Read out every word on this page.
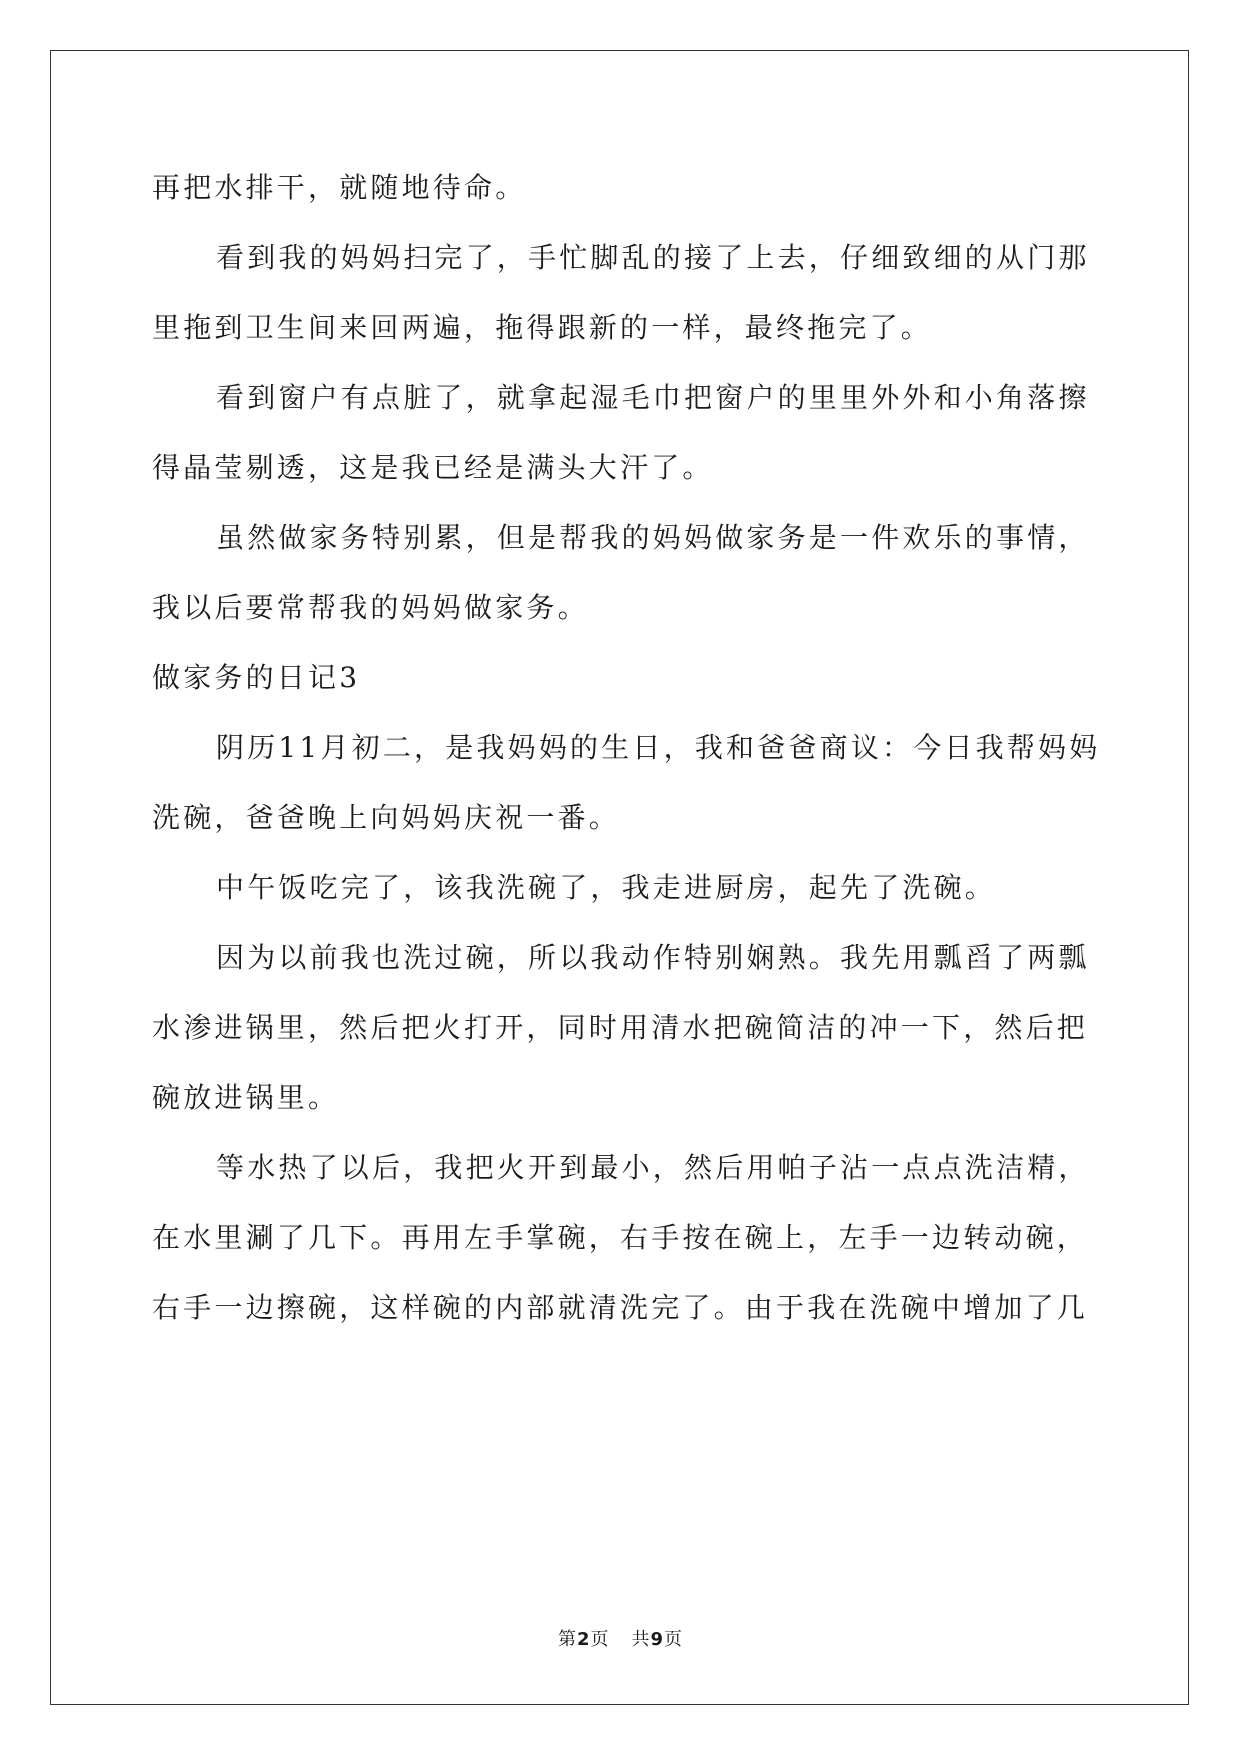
再把水排干，就随地待命。
看到我的妈妈扫完了，手忙脚乱的接了上去，仔细致细的从门那
里拖到卫生间来回两遍，拖得跟新的一样，最终拖完了。
看到窗户有点脏了，就拿起湿毛巾把窗户的里里外外和小角落擦
得晶莹剔透，这是我已经是满头大汗了。
虽然做家务特别累，但是帮我的妈妈做家务是一件欢乐的事情，
我以后要常帮我的妈妈做家务。
做家务的日记3
阴历11月初二，是我妈妈的生日，我和爸爸商议：今日我帮妈妈
洗碗，爸爸晚上向妈妈庆祝一番。
中午饭吃完了，该我洗碗了，我走进厨房，起先了洗碗。
因为以前我也洗过碗，所以我动作特别娴熟。我先用瓢舀了两瓢
水渗进锅里，然后把火打开，同时用清水把碗简洁的冲一下，然后把
碗放进锅里。
等水热了以后，我把火开到最小，然后用帕子沾一点点洗洁精，
在水里涮了几下。再用左手掌碗，右手按在碗上，左手一边转动碗，
右手一边擦碗，这样碗的内部就清洗完了。由于我在洗碗中增加了几
第2页 共9页
